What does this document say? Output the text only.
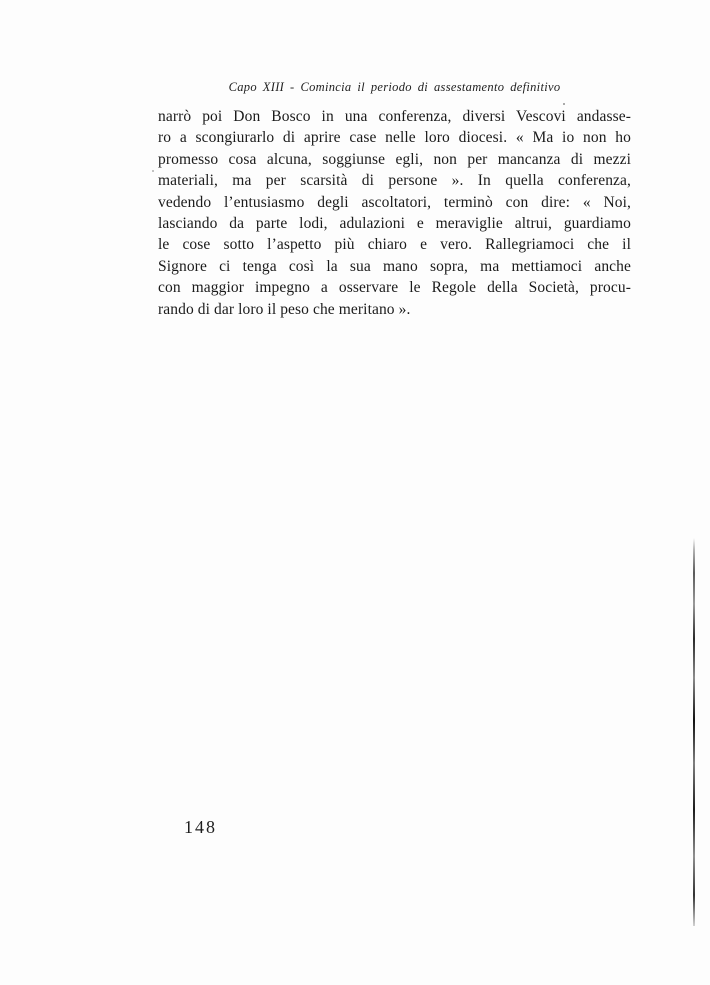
Capo XIII - Comincia il periodo di assestamento definitivo
narrò poi Don Bosco in una conferenza, diversi Vescovi andasse-
ro a scongiurarlo di aprire case nelle loro diocesi. « Ma io non ho
promesso cosa alcuna, soggiunse egli, non per mancanza di mezzi
materiali, ma per scarsità di persone ». In quella conferenza,
vedendo l’entusiasmo degli ascoltatori, terminò con dire: « Noi,
lasciando da parte lodi, adulazioni e meraviglie altrui, guardiamo
le cose sotto l’aspetto più chiaro e vero. Rallegriamoci che il
Signore ci tenga così la sua mano sopra, ma mettiamoci anche
con maggior impegno a osservare le Regole della Società, procu-
rando di dar loro il peso che meritano ».
148
